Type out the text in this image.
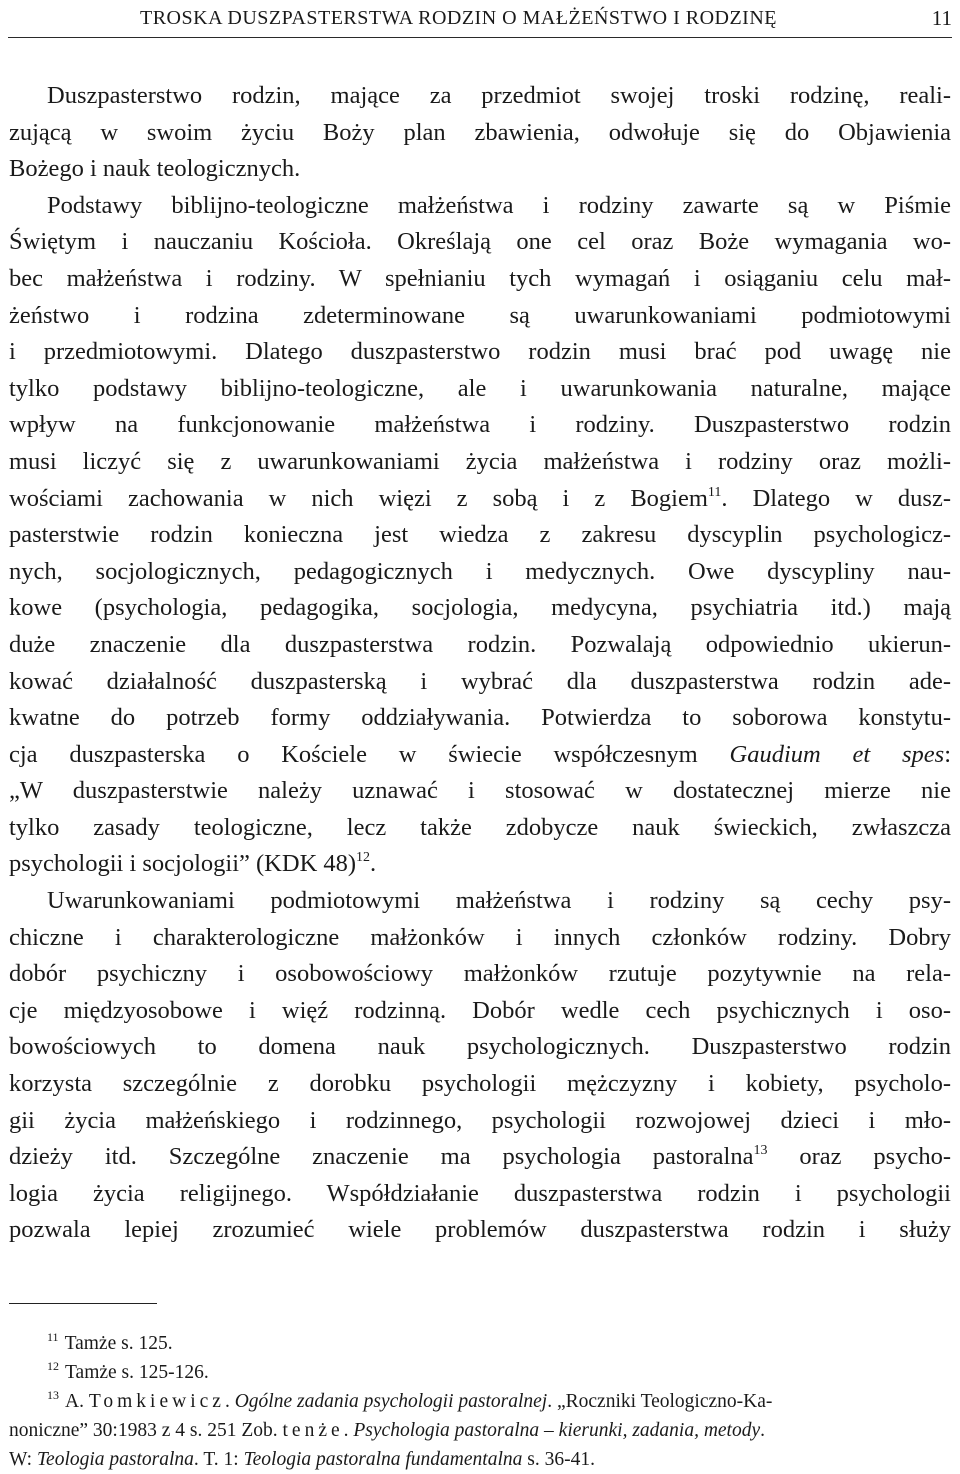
TROSKA DUSZPASTERSTWA RODZIN O MAŁŻEŃSTWO I RODZINĘ	11
Duszpasterstwo rodzin, mające za przedmiot swojej troski rodzinę, reali-
zującą w swoim życiu Boży plan zbawienia, odwołuje się do Objawienia
Bożego i nauk teologicznych.
Podstawy biblijno-teologiczne małżeństwa i rodziny zawarte są w Piśmie
Świętym i nauczaniu Kościoła. Określają one cel oraz Boże wymagania wo-
bec małżeństwa i rodziny. W spełnianiu tych wymagań i osiąganiu celu mał-
żeństwo i rodzina zdeterminowane są uwarunkowaniami podmiotowymi
i przedmiotowymi. Dlatego duszpasterstwo rodzin musi brać pod uwagę nie
tylko podstawy biblijno-teologiczne, ale i uwarunkowania naturalne, mające
wpływ na funkcjonowanie małżeństwa i rodziny. Duszpasterstwo rodzin
musi liczyć się z uwarunkowaniami życia małżeństwa i rodziny oraz możli-
wościami zachowania w nich więzi z sobą i z Bogiem$^{11}$. Dlatego w dusz-
pasterstwie rodzin konieczna jest wiedza z zakresu dyscyplin psychologicz-
nych, socjologicznych, pedagogicznych i medycznych. Owe dyscypliny nau-
kowe (psychologia, pedagogika, socjologia, medycyna, psychiatria itd.) mają
duże znaczenie dla duszpasterstwa rodzin. Pozwalają odpowiednio ukierun-
kować działalność duszpasterską i wybrać dla duszpasterstwa rodzin ade-
kwatne do potrzeb formy oddziaływania. Potwierdza to soborowa konstytu-
cja duszpasterska o Kościele w świecie współczesnym Gaudium et spes:
„W duszpasterstwie należy uznawać i stosować w dostatecznej mierze nie
tylko zasady teologiczne, lecz także zdobycze nauk świeckich, zwłaszcza
psychologii i socjologii” (KDK 48)$^{12}$.
Uwarunkowaniami podmiotowymi małżeństwa i rodziny są cechy psy-
chiczne i charakterologiczne małżonków i innych członków rodziny. Dobry
dobór psychiczny i osobowościowy małżonków rzutuje pozytywnie na rela-
cje międzyosobowe i więź rodzinną. Dobór wedle cech psychicznych i oso-
bowościowych to domena nauk psychologicznych. Duszpasterstwo rodzin
korzysta szczególnie z dorobku psychologii mężczyzny i kobiety, psycholo-
gii życia małżeńskiego i rodzinnego, psychologii rozwojowej dzieci i mło-
dzieży itd. Szczególne znaczenie ma psychologia pastoralna$^{13}$ oraz psycho-
logia życia religijnego. Współdziałanie duszpasterstwa rodzin i psychologii
pozwala lepiej zrozumieć wiele problemów duszpasterstwa rodzin i służy
$^{11}$ Tamże s. 125.
$^{12}$ Tamże s. 125-126.
$^{13}$ A. Tomkiewicz. Ogólne zadania psychologii pastoralnej. „Roczniki Teologiczno-Ka-
noniczne” 30:1983 z 4 s. 251 Zob. tenże. Psychologia pastoralna – kierunki, zadania, metody.
W: Teologia pastoralna. T. 1: Teologia pastoralna fundamentalna s. 36-41.
